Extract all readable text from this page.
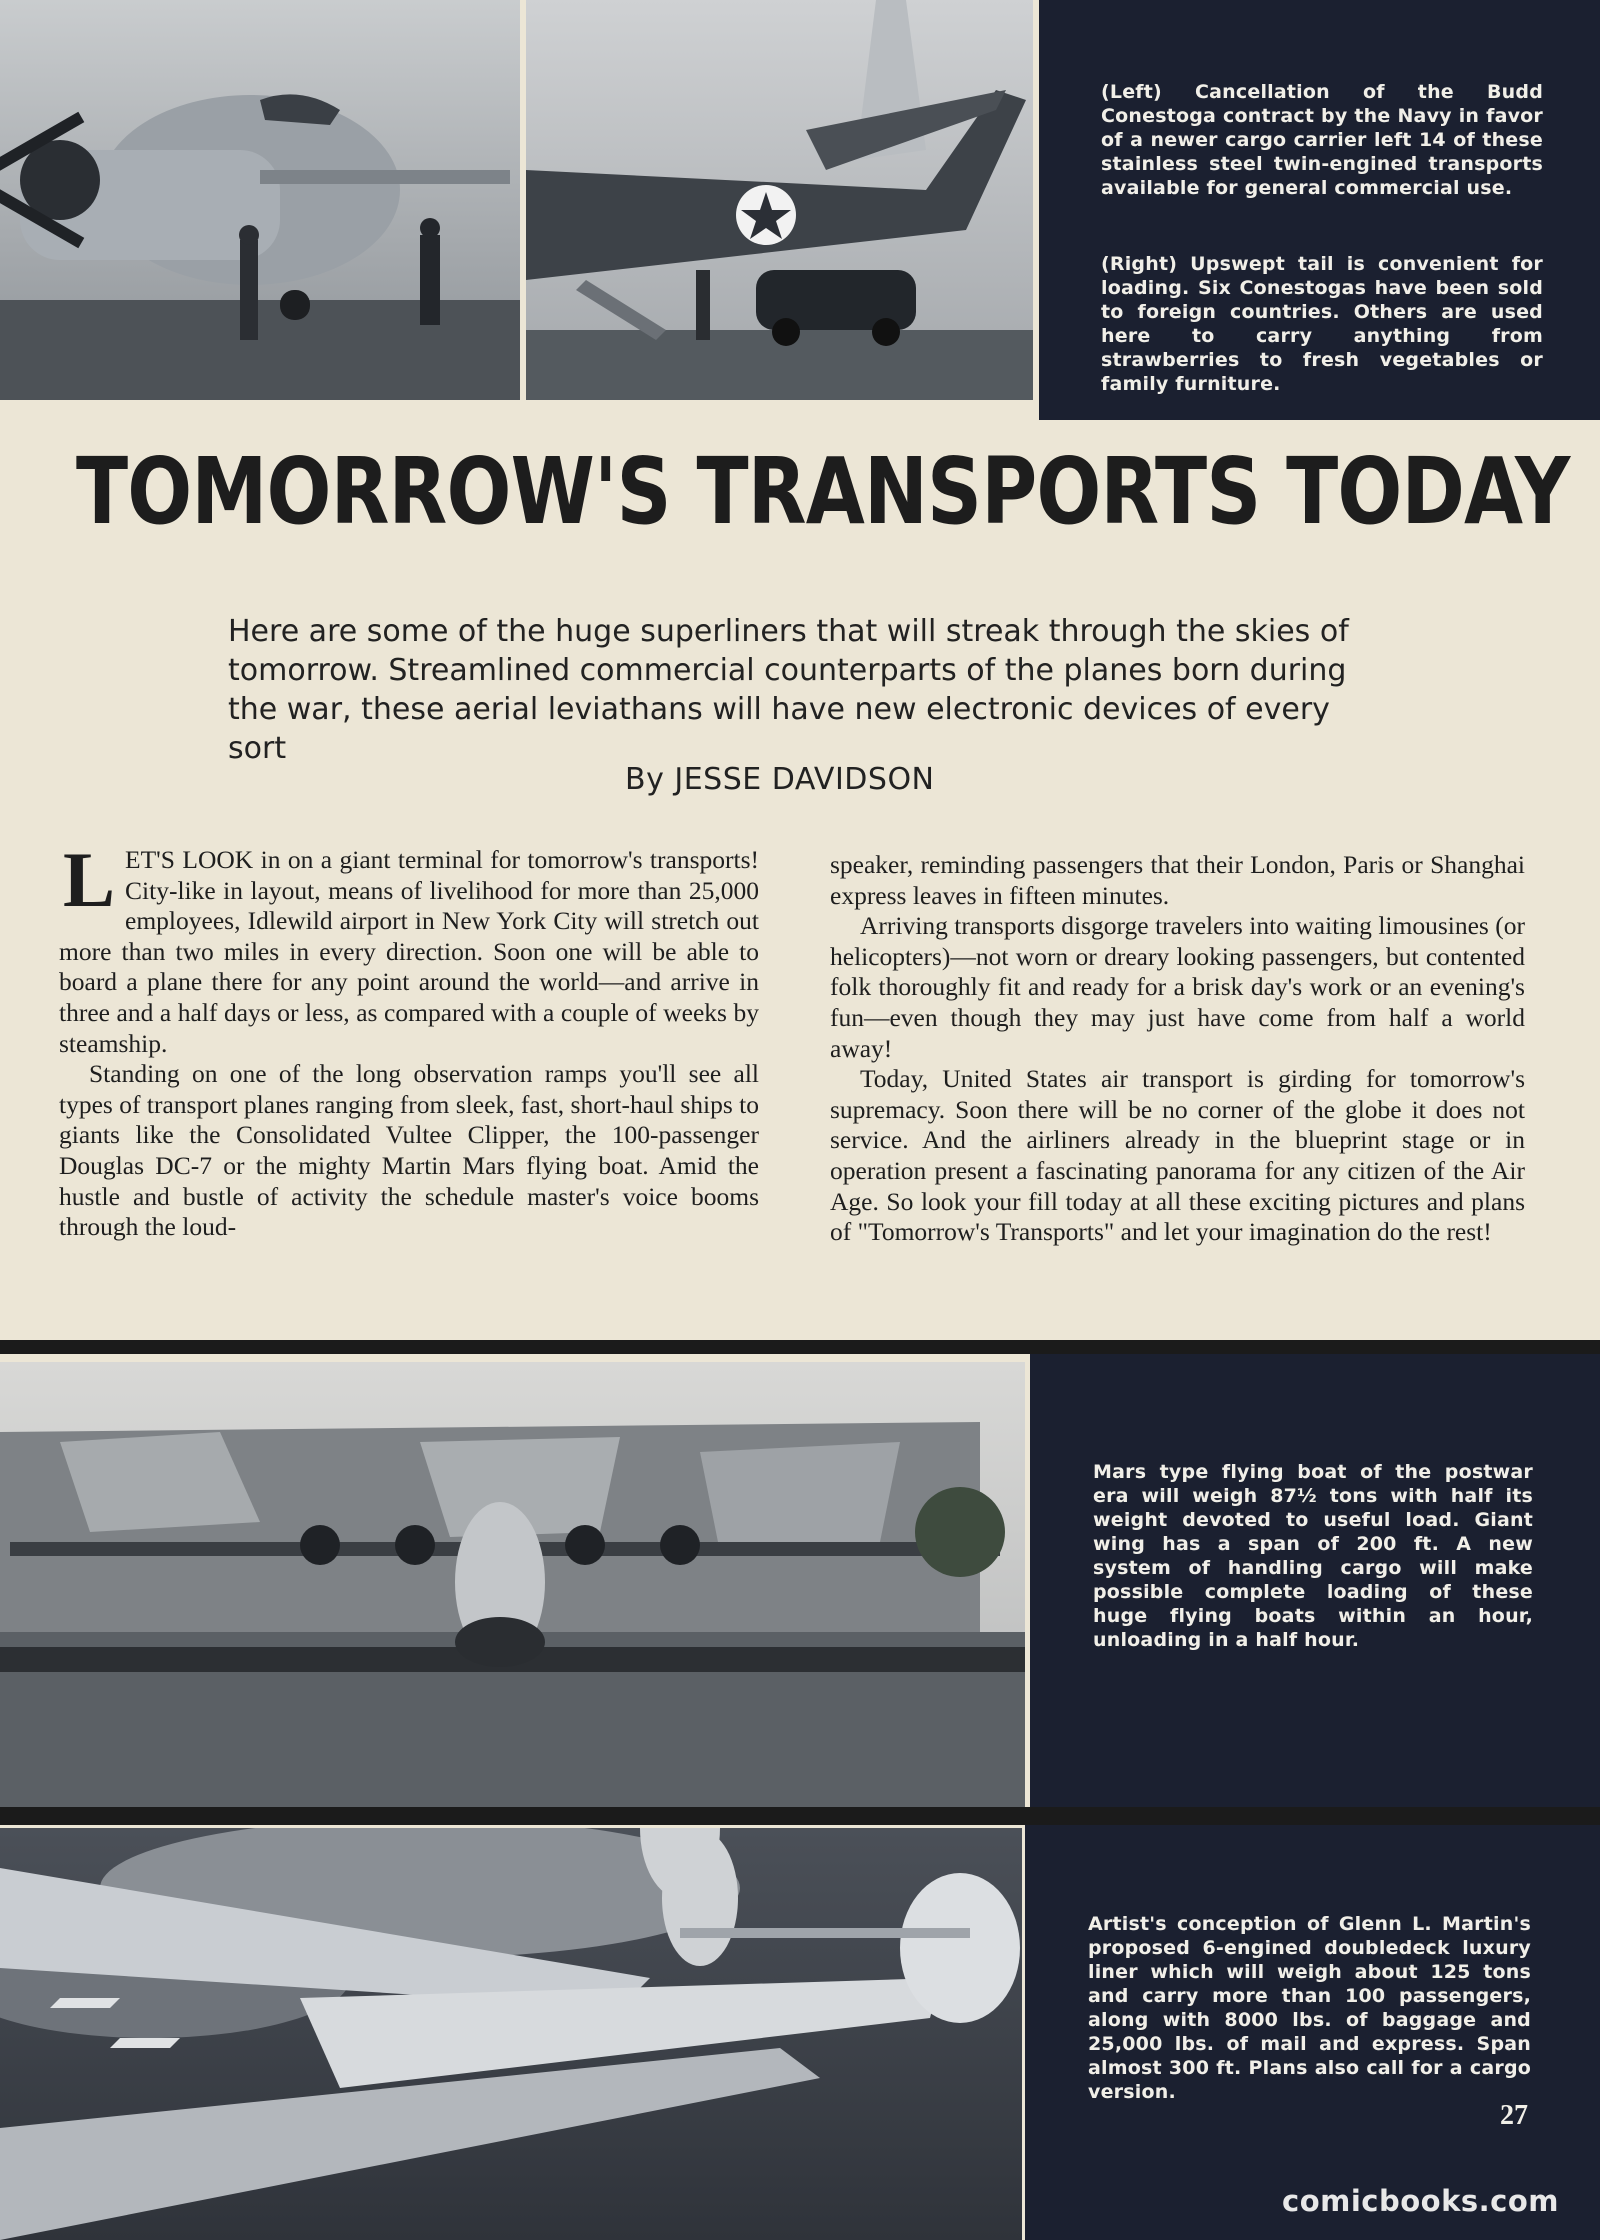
(Left) Cancellation of the Budd Conestoga contract by the Navy in favor of a newer cargo carrier left 14 of these stainless steel twin-engined transports available for general commercial use.
(Right) Upswept tail is convenient for loading. Six Conestogas have been sold to foreign countries. Others are used here to carry anything from strawberries to fresh vegetables or family furniture.
TOMORROW'S TRANSPORTS TODAY
Here are some of the huge superliners that will streak through the skies of tomorrow. Streamlined commercial counterparts of the planes born during the war, these aerial leviathans will have new electronic devices of every sort
By JESSE DAVIDSON

LET'S LOOK in on a giant terminal for tomorrow's transports! City-like in layout, means of livelihood for more than 25,000 employees, Idlewild airport in New York City will stretch out more than two miles in every direction. Soon one will be able to board a plane there for any point around the world—and arrive in three and a half days or less, as compared with a couple of weeks by steamship.

Standing on one of the long observation ramps you'll see all types of transport planes ranging from sleek, fast, short-haul ships to giants like the Consolidated Vultee Clipper, the 100-passenger Douglas DC-7 or the mighty Martin Mars flying boat. Amid the hustle and bustle of activity the schedule master's voice booms through the loud-

speaker, reminding passengers that their London, Paris or Shanghai express leaves in fifteen minutes.

Arriving transports disgorge travelers into waiting limousines (or helicopters)—not worn or dreary looking passengers, but contented folk thoroughly fit and ready for a brisk day's work or an evening's fun—even though they may just have come from half a world away!

Today, United States air transport is girding for tomorrow's supremacy. Soon there will be no corner of the globe it does not service. And the airliners already in the blueprint stage or in operation present a fascinating panorama for any citizen of the Air Age. So look your fill today at all these exciting pictures and plans of "Tomorrow's Transports" and let your imagination do the rest!

Mars type flying boat of the postwar era will weigh 87½ tons with half its weight devoted to useful load. Giant wing has a span of 200 ft. A new system of handling cargo will make possible complete loading of these huge flying boats within an hour, unloading in a half hour.
Artist's conception of Glenn L. Martin's proposed 6-engined doubledeck luxury liner which will weigh about 125 tons and carry more than 100 passengers, along with 8000 lbs. of baggage and 25,000 lbs. of mail and express. Span almost 300 ft. Plans also call for a cargo version.
27
comicbooks.com
